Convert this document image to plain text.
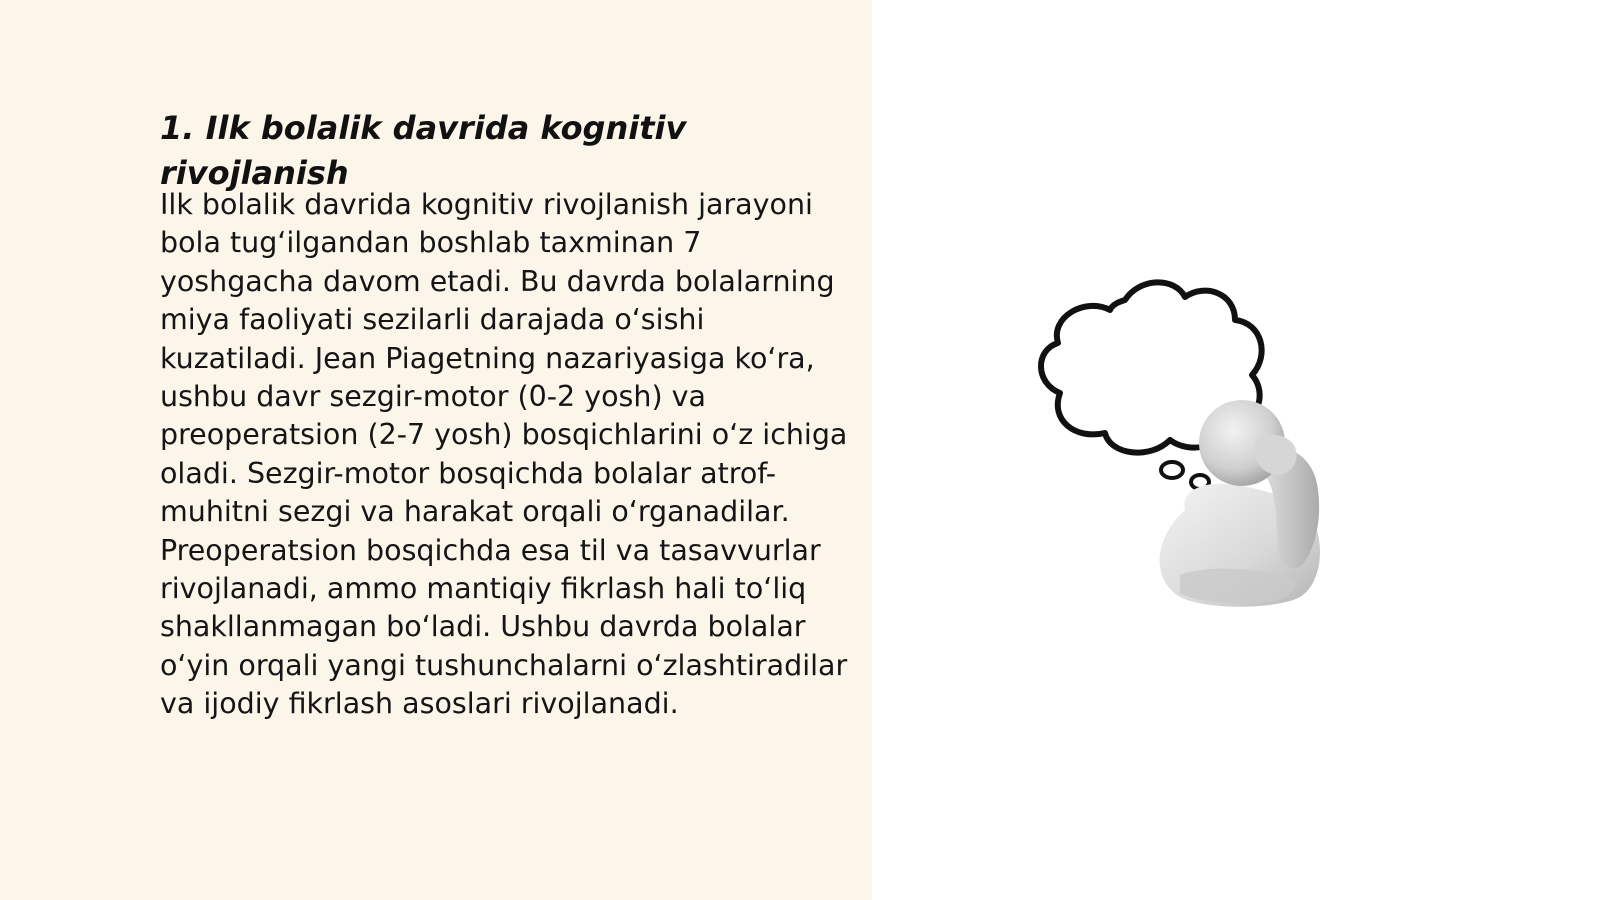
1. Ilk bolalik davrida kognitiv rivojlanish

Ilk bolalik davrida kognitiv rivojlanish jarayoni bola tug‘ilgandan boshlab taxminan 7 yoshgacha davom etadi. Bu davrda bolalarning miya faoliyati sezilarli darajada o‘sishi kuzatiladi. Jean Piagetning nazariyasiga ko‘ra, ushbu davr sezgir-motor (0-2 yosh) va preoperatsion (2-7 yosh) bosqichlarini o‘z ichiga oladi. Sezgir-motor bosqichda bolalar atrof-muhitni sezgi va harakat orqali o‘rganadilar. Preoperatsion bosqichda esa til va tasavvurlar rivojlanadi, ammo mantiqiy fikrlash hali to‘liq shakllanmagan bo‘ladi. Ushbu davrda bolalar o‘yin orqali yangi tushunchalarni o‘zlashtiradilar va ijodiy fikrlash asoslari rivojlanadi.
